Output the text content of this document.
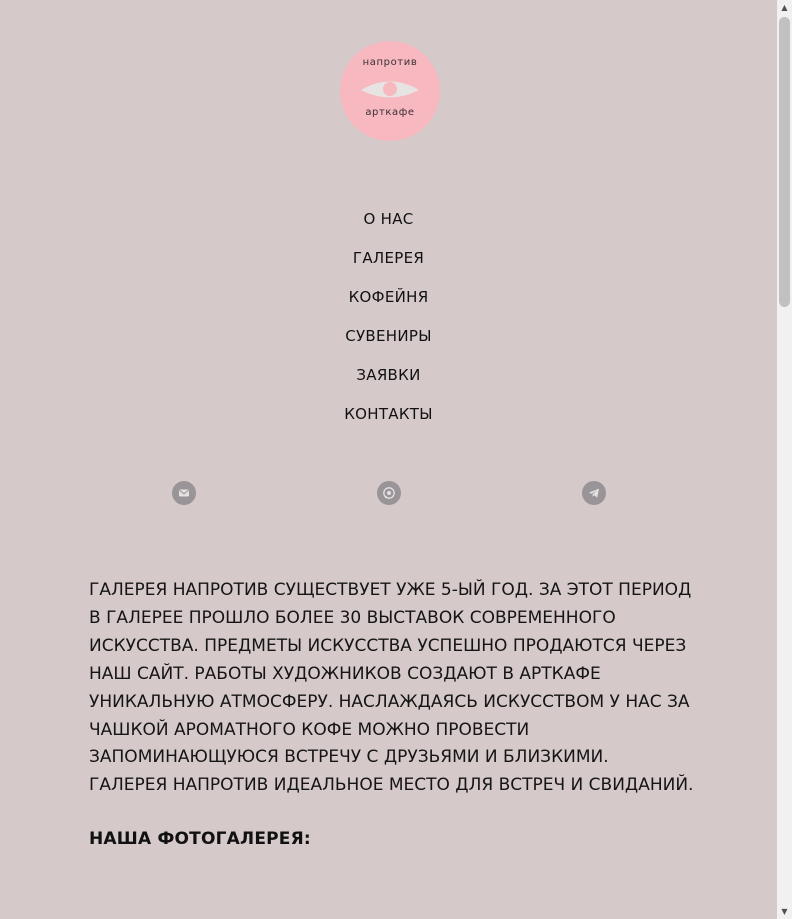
напротив
арткафе
О НАС
ГАЛЕРЕЯ
КОФЕЙНЯ
СУВЕНИРЫ
ЗАЯВКИ
КОНТАКТЫ
ГАЛЕРЕЯ НАПРОТИВ СУЩЕСТВУЕТ УЖЕ 5-ЫЙ ГОД. ЗА ЭТОТ ПЕРИОД В ГАЛЕРЕЕ ПРОШЛО БОЛЕЕ 30 ВЫСТАВОК СОВРЕМЕННОГО ИСКУССТВА. ПРЕДМЕТЫ ИСКУССТВА УСПЕШНО ПРОДАЮТСЯ ЧЕРЕЗ НАШ САЙТ. РАБОТЫ ХУДОЖНИКОВ СОЗДАЮТ В АРТКАФЕ УНИКАЛЬНУЮ АТМОСФЕРУ. НАСЛАЖДАЯСЬ ИСКУССТВОМ У НАС ЗА ЧАШКОЙ АРОМАТНОГО КОФЕ МОЖНО ПРОВЕСТИ ЗАПОМИНАЮЩУЮСЯ ВСТРЕЧУ С ДРУЗЬЯМИ И БЛИЗКИМИ.
ГАЛЕРЕЯ НАПРОТИВ ИДЕАЛЬНОЕ МЕСТО ДЛЯ ВСТРЕЧ И СВИДАНИЙ.
НАША ФОТОГАЛЕРЕЯ:
▲
▼
